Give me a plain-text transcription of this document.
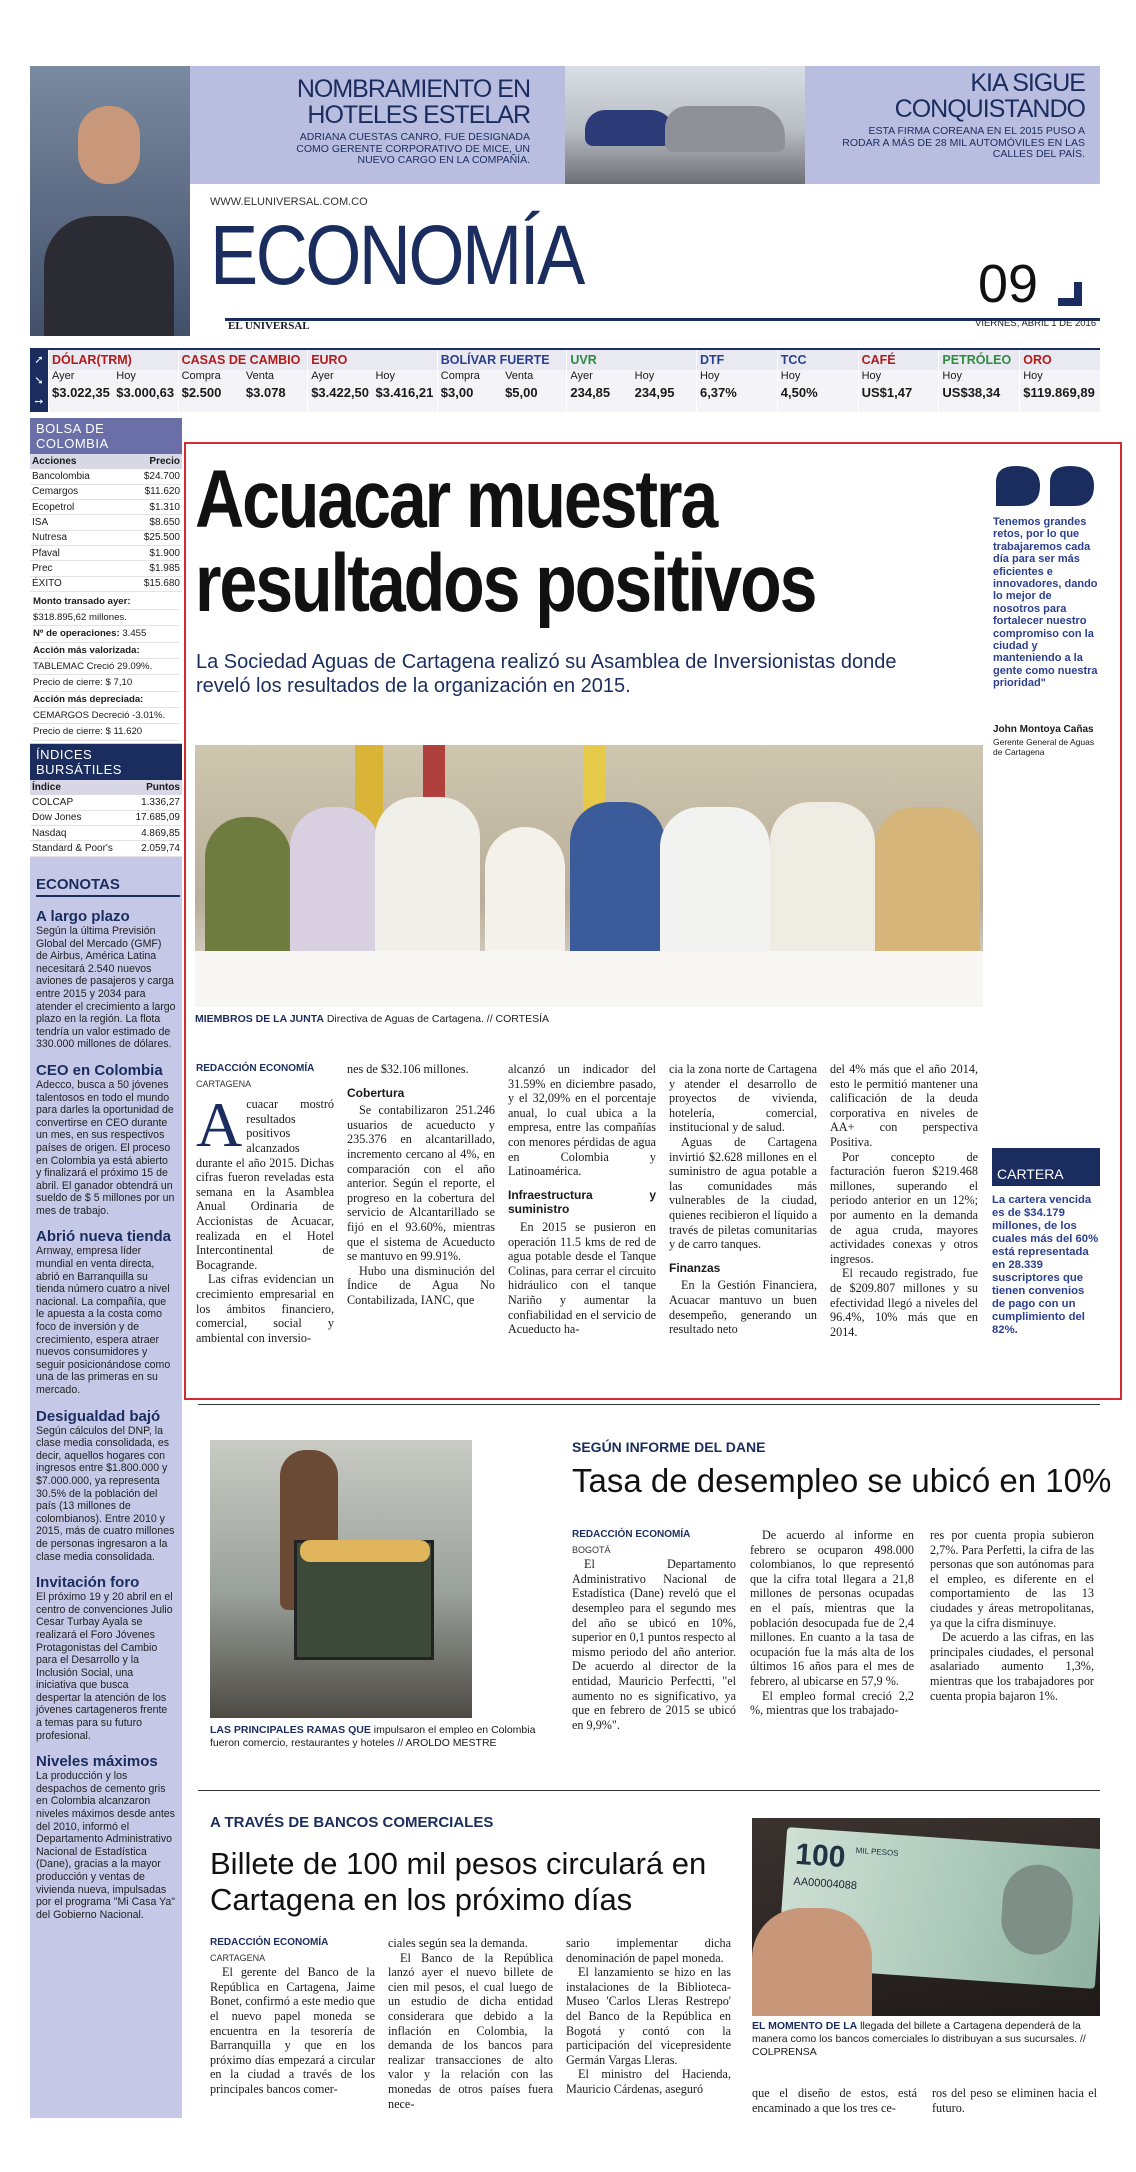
NOMBRAMIENTO EN HOTELES ESTELAR
ADRIANA CUESTAS CANRO, FUE DESIGNADA COMO GERENTE CORPORATIVO DE MICE, UN NUEVO CARGO EN LA COMPAÑÍA.
KIA SIGUE CONQUISTANDO
ESTA FIRMA COREANA EN EL 2015 PUSO A RODAR A MÁS DE 28 MIL AUTOMÓVILES EN LAS CALLES DEL PAÍS.
WWW.ELUNIVERSAL.COM.CO
ECONOMÍA
EL UNIVERSAL
09
VIERNES, ABRIL 1 DE 2016
➚
➘
➙
DÓLAR(TRM)
Ayer	Hoy
$3.022,35 $3.000,63
CASAS DE CAMBIO
Compra	Venta
$2.500	$3.078
EURO
Ayer	Hoy
$3.422,50 $3.416,21
BOLÍVAR FUERTE
Compra	Venta
$3,00	$5,00
UVR
Ayer	Hoy
234,85	234,95
DTF
Hoy
6,37%
TCC
Hoy
4,50%
CAFÉ
Hoy
US$1,47
PETRÓLEO
Hoy
US$38,34
ORO
Hoy
$119.869,89
BOLSA DE COLOMBIA
Acciones	Precio
Bancolombia	$24.700
Cemargos	$11.620
Ecopetrol	$1.310
ISA	$8.650
Nutresa	$25.500
Pfaval	$1.900
Prec	$1.985
ÉXITO	$15.680
Monto transado ayer:
$318.895,62 millones.
Nº de operaciones: 3.455
Acción más valorizada:
TABLEMAC Creció 29.09%.
Precio de cierre: $ 7,10
Acción más depreciada:
CEMARGOS Decreció -3.01%.
Precio de cierre: $ 11.620
ÍNDICES BURSÁTILES
Índice	Puntos
COLCAP	1.336,27
Dow Jones	17.685,09
Nasdaq	4.869,85
Standard & Poor's	2.059,74
ECONOTAS
A largo plazo

Según la última Previsión Global del Mercado (GMF) de Airbus, América Latina necesitará 2.540 nuevos aviones de pasajeros y carga entre 2015 y 2034 para atender el crecimiento a largo plazo en la región. La flota tendría un valor estimado de 330.000 millones de dólares.

CEO en Colombia

Adecco, busca a 50 jóvenes talentosos en todo el mundo para darles la oportunidad de convertirse en CEO durante un mes, en sus respectivos países de origen. El proceso en Colombia ya está abierto y finalizará el próximo 15 de abril. El ganador obtendrá un sueldo de $ 5 millones por un mes de trabajo.

Abrió nueva tienda

Arnway, empresa líder mundial en venta directa, abrió en Barranquilla su tienda número cuatro a nivel nacional. La compañía, que le apuesta a la costa como foco de inversión y de crecimiento, espera atraer nuevos consumidores y seguir posicionándose como una de las primeras en su mercado.

Desigualdad bajó

Según cálculos del DNP, la clase media consolidada, es decir, aquellos hogares con ingresos entre $1.800.000 y $7.000.000, ya representa 30.5% de la población del país (13 millones de colombianos). Entre 2010 y 2015, más de cuatro millones de personas ingresaron a la clase media consolidada.

Invitación foro

El próximo 19 y 20 abril en el centro de convenciones Julio Cesar Turbay Ayala se realizará el Foro Jóvenes Protagonistas del Cambio para el Desarrollo y la Inclusión Social, una iniciativa que busca despertar la atención de los jóvenes cartageneros frente a temas para su futuro profesional.

Niveles máximos

La producción y los despachos de cemento gris en Colombia alcanzaron niveles máximos desde antes del 2010, informó el Departamento Administrativo Nacional de Estadística (Dane), gracias a la mayor producción y ventas de vivienda nueva, impulsadas por el programa "Mi Casa Ya" del Gobierno Nacional.

Acuacar muestra resultados positivos
La Sociedad Aguas de Cartagena realizó su Asamblea de Inversionistas donde reveló los resultados de la organización en 2015.
Tenemos grandes retos, por lo que trabajaremos cada día para ser más eficientes e innovadores, dando lo mejor de nosotros para fortalecer nuestro compromiso con la ciudad y manteniendo a la gente como nuestra prioridad"
John Montoya Cañas
Gerente General de Aguas de Cartagena
MIEMBROS DE LA JUNTA Directiva de Aguas de Cartagena. // CORTESÍA
REDACCIÓN ECONOMÍA
CARTAGENA

Acuacar mostró resultados positivos alcanzados durante el año 2015. Dichas cifras fueron reveladas esta semana en la Asamblea Anual Ordinaria de Accionistas de Acuacar, realizada en el Hotel Intercontinental de Bocagrande.

Las cifras evidencian un crecimiento empresarial en los ámbitos financiero, comercial, social y ambiental con inversio-

nes de $32.106 millones.

Cobertura

Se contabilizaron 251.246 usuarios de acueducto y 235.376 en alcantarillado, incremento cercano al 4%, en comparación con el año anterior. Según el reporte, el progreso en la cobertura del servicio de Alcantarillado se fijó en el 93.60%, mientras que el sistema de Acueducto se mantuvo en 99.91%.

Hubo una disminución del Índice de Agua No Contabilizada, IANC, que

alcanzó un indicador del 31.59% en diciembre pasado, y el 32,09% en el porcentaje anual, lo cual ubica a la empresa, entre las compañías con menores pérdidas de agua en Colombia y Latinoamérica.

Infraestructura y suministro

En 2015 se pusieron en operación 11.5 kms de red de agua potable desde el Tanque Colinas, para cerrar el circuito hidráulico con el tanque Nariño y aumentar la confiabilidad en el servicio de Acueducto ha-

cia la zona norte de Cartagena y atender el desarrollo de proyectos de vivienda, hotelería, comercial, institucional y de salud.

Aguas de Cartagena invirtió $2.628 millones en el suministro de agua potable a las comunidades más vulnerables de la ciudad, quienes recibieron el líquido a través de piletas comunitarias y de carro tanques.

Finanzas

En la Gestión Financiera, Acuacar mantuvo un buen desempeño, generando un resultado neto

del 4% más que el año 2014, esto le permitió mantener una calificación de la deuda corporativa en niveles de AA+ con perspectiva Positiva.

Por concepto de facturación fueron $219.468 millones, superando el periodo anterior en un 12%; por aumento en la demanda de agua cruda, mayores actividades conexas y otros ingresos.

El recaudo registrado, fue de $209.807 millones y su efectividad llegó a niveles del 96.4%, 10% más que en 2014.

CARTERA
La cartera vencida es de $34.179 millones, de los cuales más del 60% está representada en 28.339 suscriptores que tienen convenios de pago con un cumplimiento del 82%.
LAS PRINCIPALES RAMAS QUE impulsaron el empleo en Colombia fueron comercio, restaurantes y hoteles // AROLDO MESTRE
SEGÚN INFORME DEL DANE
Tasa de desempleo se ubicó en 10%
REDACCIÓN ECONOMÍA
BOGOTÁ

El Departamento Administrativo Nacional de Estadística (Dane) reveló que el desempleo para el segundo mes del año se ubicó en 10%, superior en 0,1 puntos respecto al mismo periodo del año anterior. De acuerdo al director de la entidad, Mauricio Perfectti, "el aumento no es significativo, ya que en febrero de 2015 se ubicó en 9,9%".

De acuerdo al informe en febrero se ocuparon 498.000 colombianos, lo que representó que la cifra total llegara a 21,8 millones de personas ocupadas en el país, mientras que la población desocupada fue de 2,4 millones. En cuanto a la tasa de ocupación fue la más alta de los últimos 16 años para el mes de febrero, al ubicarse en 57,9 %.

El empleo formal creció 2,2 %, mientras que los trabajado-

res por cuenta propia subieron 2,7%. Para Perfetti, la cifra de las personas que son autónomas para el empleo, es diferente en el comportamiento de las 13 ciudades y áreas metropolitanas, ya que la cifra disminuye.

De acuerdo a las cifras, en las principales ciudades, el personal asalariado aumento 1,3%, mientras que los trabajadores por cuenta propia bajaron 1%.

A TRAVÉS DE BANCOS COMERCIALES
Billete de 100 mil pesos circulará en Cartagena en los próximo días
REDACCIÓN ECONOMÍA
CARTAGENA

El gerente del Banco de la República en Cartagena, Jaime Bonet, confirmó a este medio que el nuevo papel moneda se encuentra en la tesorería de Barranquilla y que en los próximo días empezará a circular en la ciudad a través de los principales bancos comer-

ciales según sea la demanda.

El Banco de la República lanzó ayer el nuevo billete de cien mil pesos, el cual luego de un estudio de dicha entidad considerara que debido a la inflación en Colombia, la demanda de los bancos para realizar transacciones de alto valor y la relación con las monedas de otros países fuera nece-

sario implementar dicha denominación de papel moneda.

El lanzamiento se hizo en las instalaciones de la Biblioteca-Museo 'Carlos Lleras Restrepo' del Banco de la República en Bogotá y contó con la participación del vicepresidente Germán Vargas Lleras.

El ministro del Hacienda, Mauricio Cárdenas, aseguró	que el diseño de estos, está encaminado a que los tres ce-

ros del peso se eliminen hacia el futuro.

100 MIL PESOS
AA00004088
EL MOMENTO DE LA llegada del billete a Cartagena dependerá de la manera como los bancos comerciales lo distribuyan a sus sucursales. // COLPRENSA
